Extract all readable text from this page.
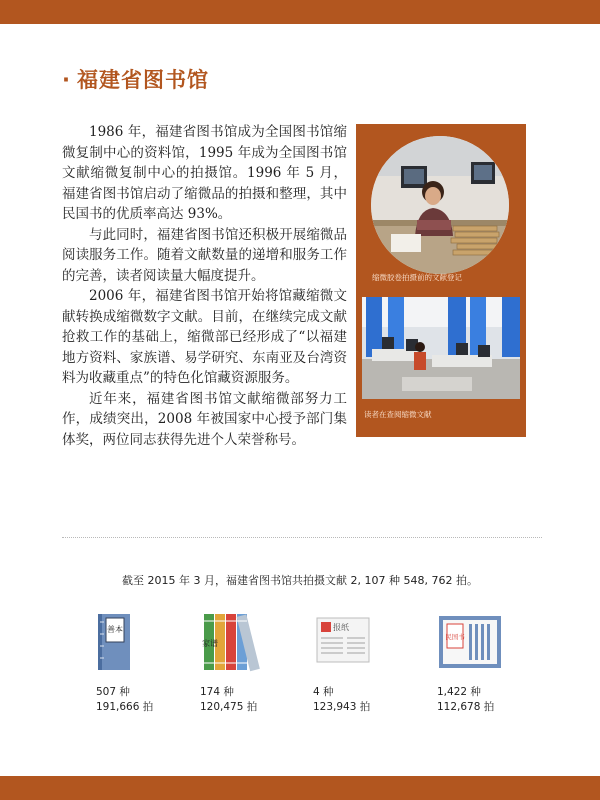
· 福建省图书馆

1986 年，福建省图书馆成为全国图书馆缩微复制中心的资料馆，1995 年成为全国图书馆文献缩微复制中心的拍摄馆。1996 年 5 月，福建省图书馆启动了缩微品的拍摄和整理，其中民国书的优质率高达 93%。

与此同时，福建省图书馆还积极开展缩微品阅读服务工作。随着文献数量的递增和服务工作的完善，读者阅读量大幅度提升。

2006 年，福建省图书馆开始将馆藏缩微文献转换成缩微数字文献。目前，在继续完成文献抢救工作的基础上，缩微部已经形成了“以福建地方资料、家族谱、易学研究、东南亚及台湾资料为收藏重点”的特色化馆藏资源服务。

近年来，福建省图书馆文献缩微部努力工作，成绩突出，2008 年被国家中心授予部门集体奖，两位同志获得先进个人荣誉称号。

缩微胶卷拍摄前的文献登记
读者在查阅缩微文献
截至 2015 年 3 月，福建省图书馆共拍摄文献 2, 107 种 548, 762 拍。
善本
507 种
191,666 拍
家谱
174 种
120,475 拍
报纸
4 种
123,943 拍
民国书
1,422 种
112,678 拍
